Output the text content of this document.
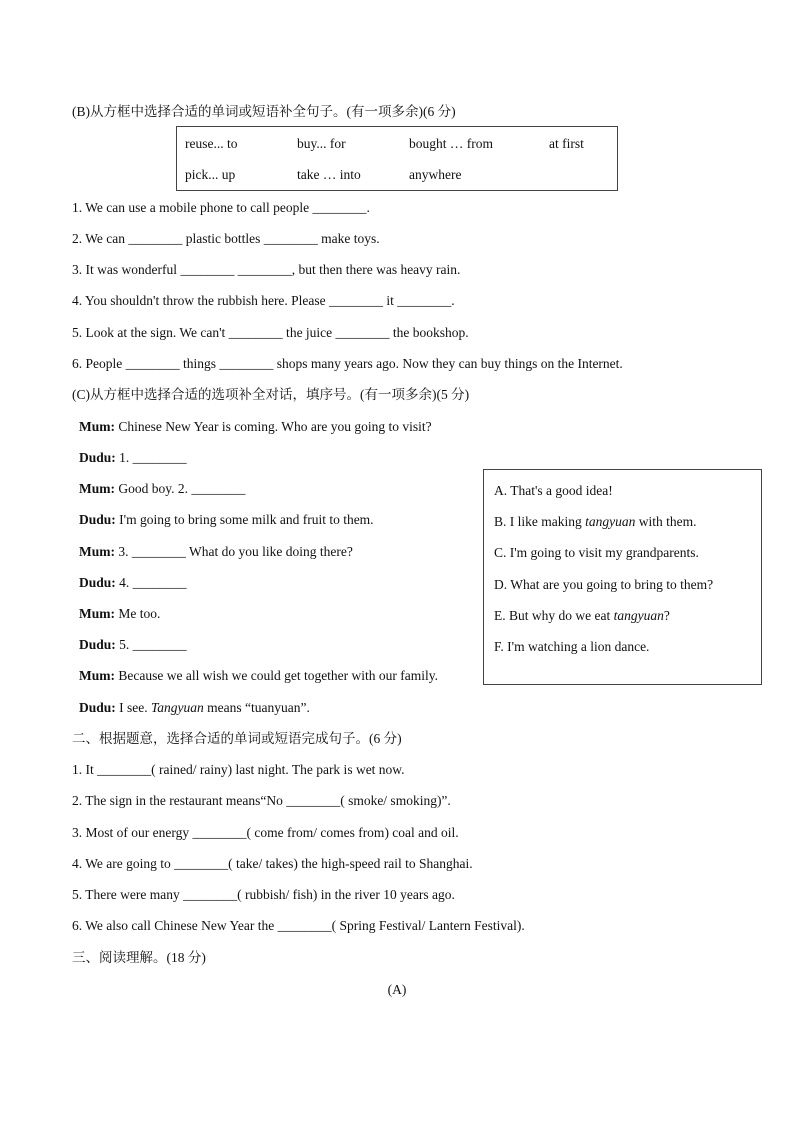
(B)从方框中选择合适的单词或短语补全句子。(有一项多余)(6 分)
reuse... to	buy... for	bought … from	at first
pick... up	take … into	anywhere
1. We can use a mobile phone to call people ________.
2. We can ________ plastic bottles ________ make toys.
3. It was wonderful ________ ________, but then there was heavy rain.
4. You shouldn't throw the rubbish here. Please ________ it ________.
5. Look at the sign. We can't ________ the juice ________ the bookshop.
6. People ________ things ________ shops many years ago. Now they can buy things on the Internet.
(C)从方框中选择合适的选项补全对话，填序号。(有一项多余)(5 分)
Mum: Chinese New Year is coming. Who are you going to visit?
Dudu: 1. ________
Mum: Good boy. 2. ________
Dudu: I'm going to bring some milk and fruit to them.
Mum: 3. ________ What do you like doing there?
Dudu: 4. ________
Mum: Me too.
Dudu: 5. ________
Mum: Because we all wish we could get together with our family.
Dudu: I see. Tangyuan means “tuanyuan”.
A. That's a good idea!
B. I like making tangyuan with them.
C. I'm going to visit my grandparents.
D. What are you going to bring to them?
E. But why do we eat tangyuan?
F. I'm watching a lion dance.
二、根据题意，选择合适的单词或短语完成句子。(6 分)
1. It ________( rained/ rainy) last night. The park is wet now.
2. The sign in the restaurant means“No ________( smoke/ smoking)”.
3. Most of our energy ________( come from/ comes from) coal and oil.
4. We are going to ________( take/ takes) the high-speed rail to Shanghai.
5. There were many ________( rubbish/ fish) in the river 10 years ago.
6. We also call Chinese New Year the ________( Spring Festival/ Lantern Festival).
三、阅读理解。(18 分)
(A)
